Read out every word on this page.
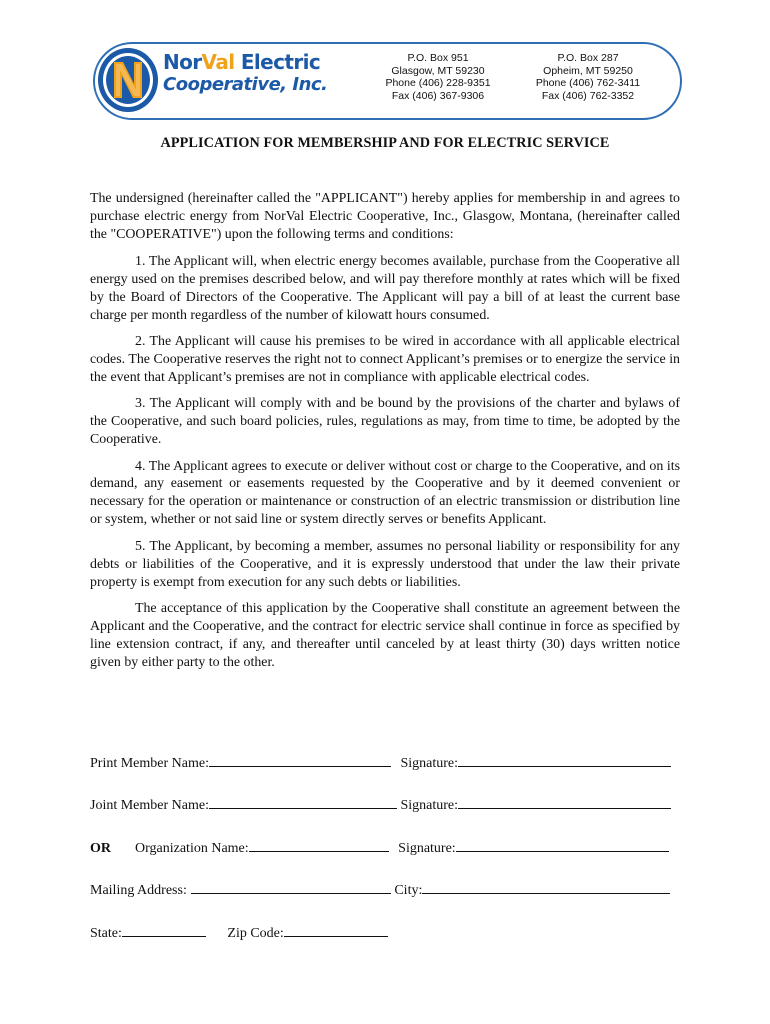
NorVal Electric
Cooperative, Inc.
P.O. Box 951
Glasgow, MT 59230
Phone (406) 228-9351
Fax (406) 367-9306
P.O. Box 287
Opheim, MT 59250
Phone (406) 762-3411
Fax (406) 762-3352
APPLICATION FOR MEMBERSHIP AND FOR ELECTRIC SERVICE

The undersigned (hereinafter called the "APPLICANT") hereby applies for membership in and agrees to purchase electric energy from NorVal Electric Cooperative, Inc., Glasgow, Montana, (hereinafter called the "COOPERATIVE") upon the following terms and conditions:

1. The Applicant will, when electric energy becomes available, purchase from the Cooperative all energy used on the premises described below, and will pay therefore monthly at rates which will be fixed by the Board of Directors of the Cooperative. The Applicant will pay a bill of at least the current base charge per month regardless of the number of kilowatt hours consumed.

2. The Applicant will cause his premises to be wired in accordance with all applicable electrical codes. The Cooperative reserves the right not to connect Applicant’s premises or to energize the service in the event that Applicant’s premises are not in compliance with applicable electrical codes.

3. The Applicant will comply with and be bound by the provisions of the charter and bylaws of the Cooperative, and such board policies, rules, regulations as may, from time to time, be adopted by the Cooperative.

4. The Applicant agrees to execute or deliver without cost or charge to the Cooperative, and on its demand, any easement or easements requested by the Cooperative and by it deemed convenient or necessary for the operation or maintenance or construction of an electric transmission or distribution line or system, whether or not said line or system directly serves or benefits Applicant.

5. The Applicant, by becoming a member, assumes no personal liability or responsibility for any debts or liabilities of the Cooperative, and it is expressly understood that under the law their private property is exempt from execution for any such debts or liabilities.

The acceptance of this application by the Cooperative shall constitute an agreement between the Applicant and the Cooperative, and the contract for electric service shall continue in force as specified by line extension contract, if any, and thereafter until canceled by at least thirty (30) days written notice given by either party to the other.

Print Member Name:	Signature:
Joint Member Name:	Signature:
OR Organization Name:	Signature:
Mailing Address:	City:
State:	Zip Code:
